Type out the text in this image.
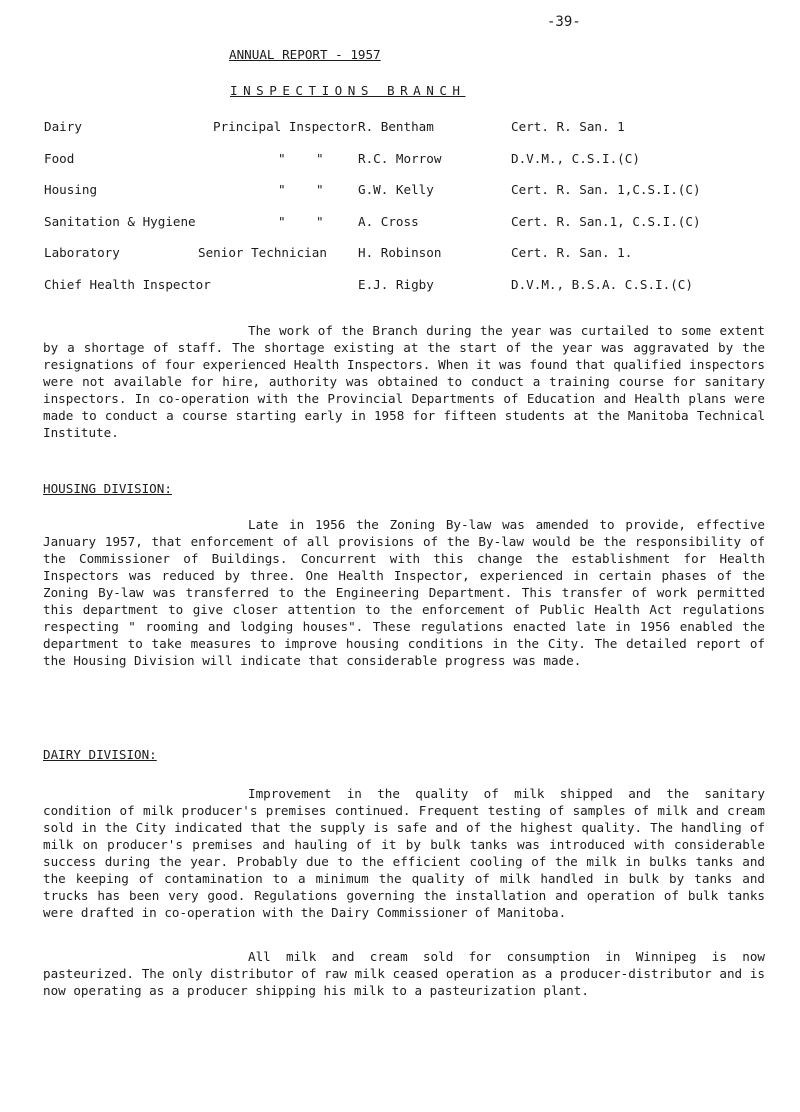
-39-
ANNUAL REPORT - 1957
INSPECTIONS BRANCH
Dairy	Principal Inspector R. Bentham	Cert. R. San. 1
Food	" "	R.C. Morrow	D.V.M., C.S.I.(C)
Housing	" "	G.W. Kelly	Cert. R. San. 1,C.S.I.(C)
Sanitation & Hygiene	" "	A. Cross	Cert. R. San.1, C.S.I.(C)
Laboratory	Senior Technician H. Robinson	Cert. R. San. 1.
Chief Health Inspector	E.J. Rigby	D.V.M., B.S.A. C.S.I.(C)

The work of the Branch during the year was curtailed to some extent by a shortage of staff. The shortage existing at the start of the year was aggravated by the resignations of four experienced Health Inspectors. When it was found that qualified inspectors were not available for hire, authority was obtained to conduct a training course for sanitary inspectors. In co-operation with the Provincial Departments of Education and Health plans were made to conduct a course starting early in 1958 for fifteen students at the Manitoba Technical Institute.

HOUSING DIVISION:

Late in 1956 the Zoning By-law was amended to provide, effective January 1957, that enforcement of all provisions of the By-law would be the responsibility of the Commissioner of Buildings. Concurrent with this change the establishment for Health Inspectors was reduced by three. One Health Inspector, experienced in certain phases of the Zoning By-law was transferred to the Engineering Department. This transfer of work permitted this department to give closer attention to the enforcement of Public Health Act regulations respecting " rooming and lodging houses". These regulations enacted late in 1956 enabled the department to take measures to improve housing conditions in the City. The detailed report of the Housing Division will indicate that considerable progress was made.

DAIRY DIVISION:

Improvement in the quality of milk shipped and the sanitary condition of milk producer's premises continued. Frequent testing of samples of milk and cream sold in the City indicated that the supply is safe and of the highest quality. The handling of milk on producer's premises and hauling of it by bulk tanks was introduced with considerable success during the year. Probably due to the efficient cooling of the milk in bulks tanks and the keeping of contamination to a minimum the quality of milk handled in bulk by tanks and trucks has been very good. Regulations governing the installation and operation of bulk tanks were drafted in co-operation with the Dairy Commissioner of Manitoba.

All milk and cream sold for consumption in Winnipeg is now pasteurized. The only distributor of raw milk ceased operation as a producer-distributor and is now operating as a producer shipping his milk to a pasteurization plant.
